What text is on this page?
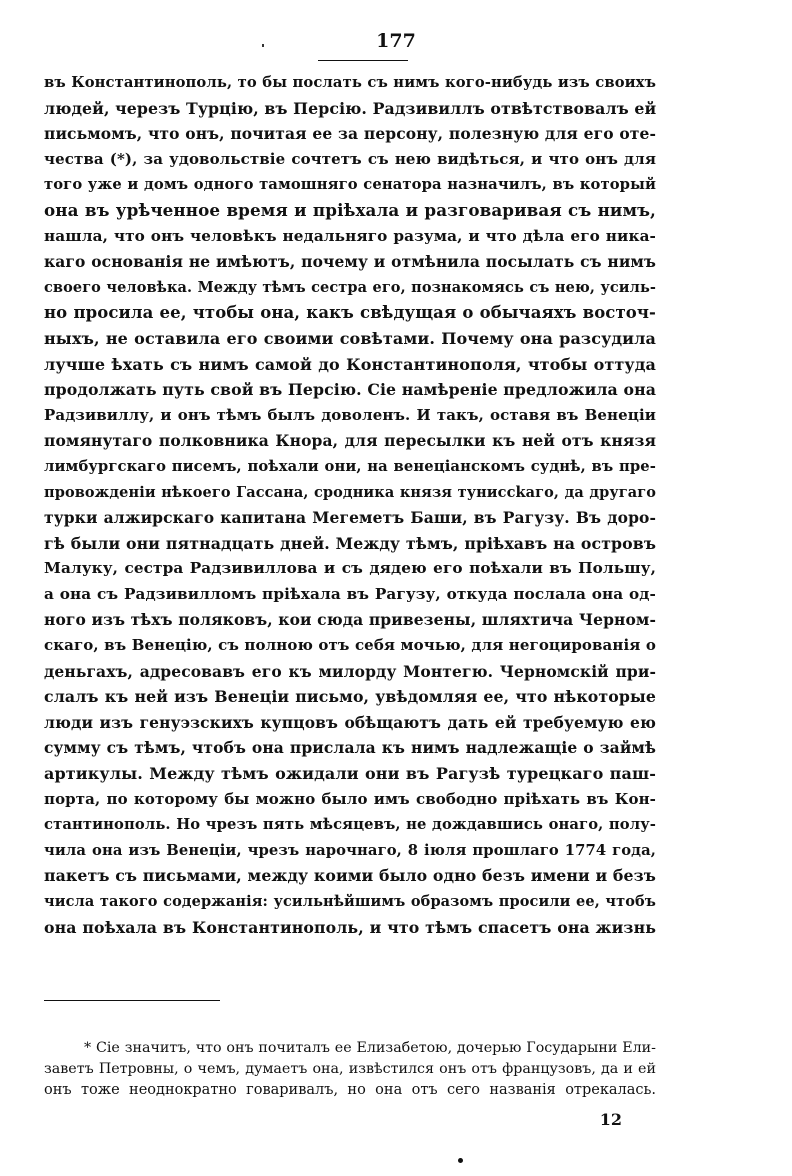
177
въ Константинополь, то бы послать съ нимъ кого-нибудь изъ своихъ
людей, черезъ Турцію, въ Персію. Радзивиллъ отвѣтствовалъ ей
письмомъ, что онъ, почитая ее за персону, полезную для его оте-
чества (*), за удовольствіе сочтетъ съ нею видѣться, и что онъ для
того уже и домъ одного тамошняго сенатора назначилъ, въ который
она въ урѣченное время и пріѣхала и разговаривая съ нимъ,
нашла, что онъ человѣкъ недальняго разума, и что дѣла его никa-
каго основанія не имѣютъ, почему и отмѣнила посылать съ нимъ
своего человѣка. Между тѣмъ сестра его, познакомясь съ нею, усиль-
но просила ее, чтобы она, какъ свѣдущая о обычаяхъ восточ-
ныхъ, не оставила его своими совѣтами. Почему она разсудила
лучше ѣхать съ нимъ самой до Константинополя, чтобы оттуда
продолжать путь свой въ Персію. Сіе намѣреніе предложила она
Радзивиллу, и онъ тѣмъ былъ доволенъ. И такъ, оставя въ Венеціи
помянутаго полковника Кнора, для пересылки къ ней отъ князя
лимбургскаго писемъ, поѣхали они, на венеціанскомъ суднѣ, въ пре-
провожденіи нѣкоего Гассана, сродника князя туниссkaго, да другаго
турки алжирскаго капитана Мегеметъ Баши, въ Рагузу. Въ доро-
гѣ были они пятнадцать дней. Между тѣмъ, пріѣхавъ на островъ
Малуку, сестра Радзивиллова и съ дядею его поѣхали въ Польшу,
а она съ Радзивилломъ пріѣхала въ Рагузу, откуда послала она од-
ного изъ тѣхъ поляковъ, кои сюда привезены, шляхтича Черном-
скаго, въ Венецію, съ полною отъ себя мочью, для негоцированія о
деньгахъ, адресовавъ его къ милорду Монтегю. Черномскій при-
слалъ къ ней изъ Венеціи письмо, увѣдомляя ее, что нѣкоторые
люди изъ генуэзскихъ купцовъ обѣщаютъ дать ей требуемую ею
сумму съ тѣмъ, чтобъ она прислала къ нимъ надлежащіе о займѣ
артикулы. Между тѣмъ ожидали они въ Рагузѣ турецкаго паш-
порта, по которому бы можно было имъ свободно пріѣхать въ Кон-
стантинополь. Но чрезъ пять мѣсяцевъ, не дождавшись онаго, полу-
чила она изъ Венеціи, чрезъ нарочнаго, 8 іюля прошлаго 1774 года,
пакетъ съ письмами, между коими было одно безъ имени и безъ
числа такого содержанія: усильнѣйшимъ образомъ просили ее, чтобъ
она поѣхала въ Константинополь, и что тѣмъ спасетъ она жизнь
* Сіе значитъ, что онъ почиталъ ее Елизабетою, дочерью Государыни Ели-
заветъ Петровны, о чемъ, думаетъ она, извѣстился онъ отъ французовъ, да и ей
онъ тоже неоднократно говаривалъ, но она отъ сего названія отрекалась.
12
